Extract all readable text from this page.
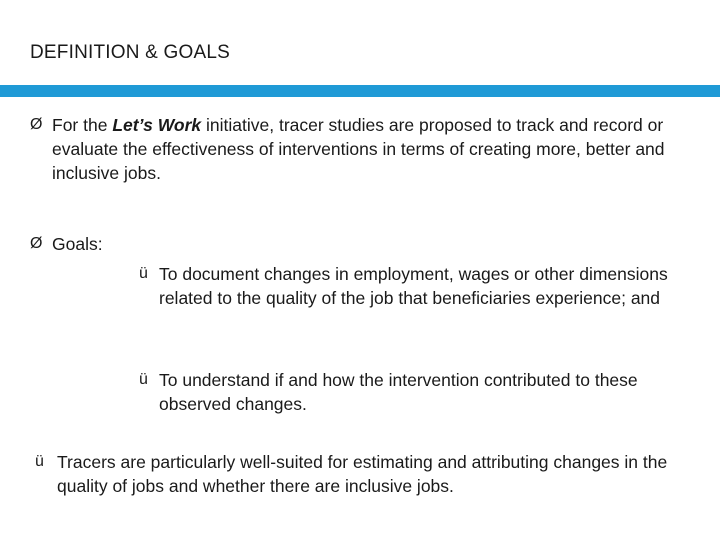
DEFINITION & GOALS
Ø For the Let’s Work initiative, tracer studies are proposed to track and record or evaluate the effectiveness of interventions in terms of creating more, better and inclusive jobs.
Ø Goals:
ü To document changes in employment, wages or other dimensions related to the quality of the job that beneficiaries experience; and
ü To understand if and how the intervention contributed to these observed changes.
ü Tracers are particularly well-suited for estimating and attributing changes in the quality of jobs and whether there are inclusive jobs.
